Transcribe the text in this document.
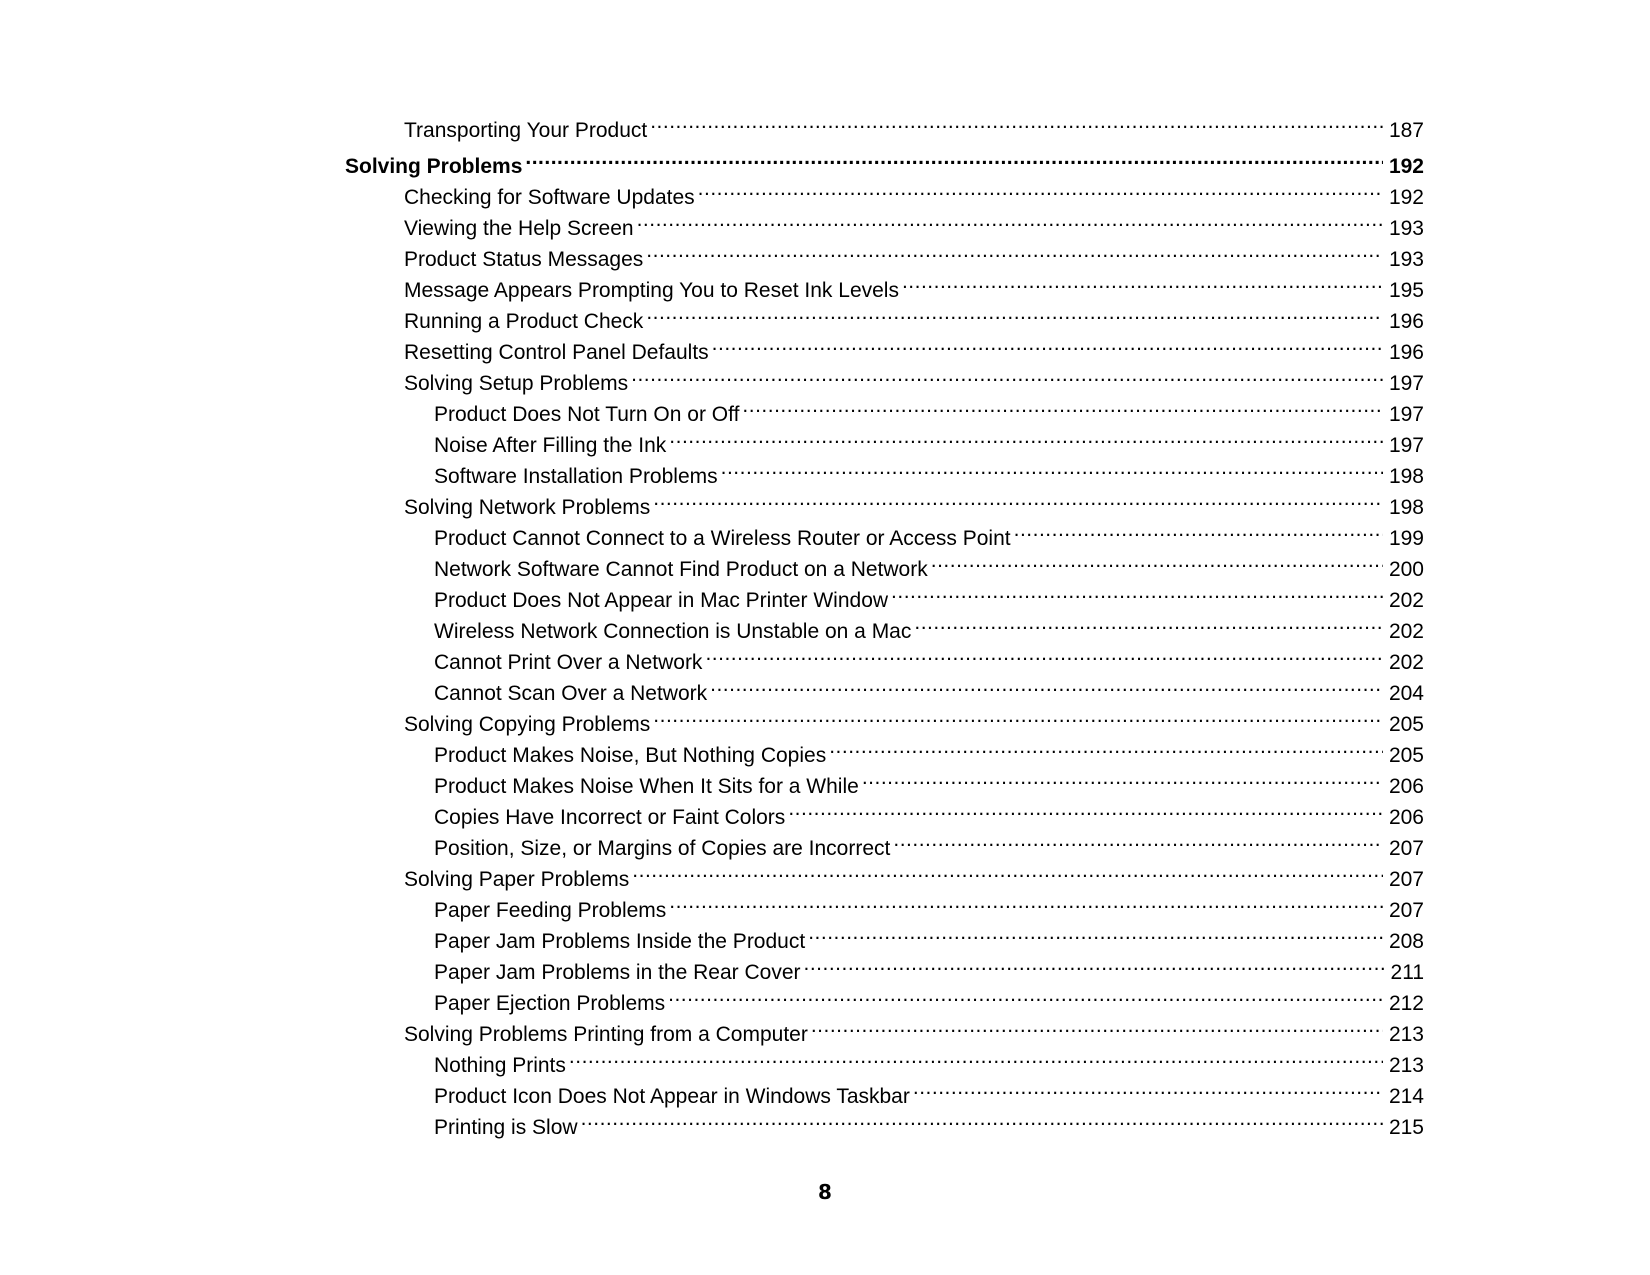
Transporting Your Product .....	187
Solving Problems .....	192
Checking for Software Updates .....	192
Viewing the Help Screen .....	193
Product Status Messages .....	193
Message Appears Prompting You to Reset Ink Levels .....	195
Running a Product Check .....	196
Resetting Control Panel Defaults .....	196
Solving Setup Problems .....	197
Product Does Not Turn On or Off .....	197
Noise After Filling the Ink .....	197
Software Installation Problems .....	198
Solving Network Problems .....	198
Product Cannot Connect to a Wireless Router or Access Point .....	199
Network Software Cannot Find Product on a Network .....	200
Product Does Not Appear in Mac Printer Window .....	202
Wireless Network Connection is Unstable on a Mac .....	202
Cannot Print Over a Network .....	202
Cannot Scan Over a Network .....	204
Solving Copying Problems .....	205
Product Makes Noise, But Nothing Copies .....	205
Product Makes Noise When It Sits for a While .....	206
Copies Have Incorrect or Faint Colors .....	206
Position, Size, or Margins of Copies are Incorrect .....	207
Solving Paper Problems .....	207
Paper Feeding Problems .....	207
Paper Jam Problems Inside the Product .....	208
Paper Jam Problems in the Rear Cover .....	211
Paper Ejection Problems .....	212
Solving Problems Printing from a Computer .....	213
Nothing Prints .....	213
Product Icon Does Not Appear in Windows Taskbar .....	214
Printing is Slow .....	215
8
